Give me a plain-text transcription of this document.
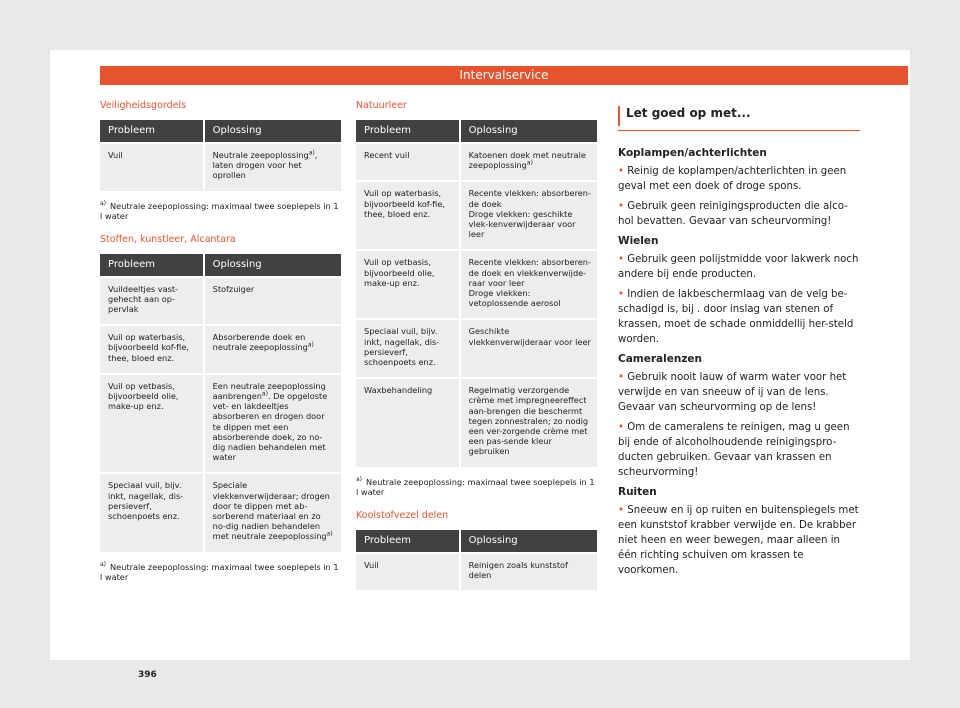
Intervalservice
Veiligheidsgordels
Probleem	Oplossing
Vuil	Neutrale zeepoplossing$^{a)}$, laten drogen voor het oprollen
$^{a)}$ Neutrale zeepoplossing: maximaal twee soeplepels in 1 l water
Stoffen, kunstleer, Alcantara
Probleem	Oplossing
Vuildeeltjes vast-gehecht aan op-pervlak	Stofzuiger
Vuil op waterbasis, bijvoorbeeld kof-fie, thee, bloed enz.	Absorberende doek en neutrale zeepoplossing$^{a)}$
Vuil op vetbasis, bijvoorbeeld olie, make-up enz.	Een neutrale zeepoplossing aanbrengen$^{a)}$. De opgeloste vet- en lakdeeltjes absorberen en drogen door te dippen met een absorberende doek, zo no-dig nadien behandelen met water
Speciaal vuil, bijv. inkt, nagellak, dis-persieverf, schoenpoets enz.	Speciale vlekkenverwijderaar; drogen door te dippen met ab-sorberend materiaal en zo no-dig nadien behandelen met neutrale zeepoplossing$^{a)}$
$^{a)}$ Neutrale zeepoplossing: maximaal twee soeplepels in 1 l water
Natuurleer
Probleem	Oplossing
Recent vuil	Katoenen doek met neutrale zeepoplossing$^{a)}$
Vuil op waterbasis, bijvoorbeeld kof-fie, thee, bloed enz.	Recente vlekken: absorberen-de doek
Droge vlekken: geschikte vlek-kenverwijderaar voor leer
Vuil op vetbasis, bijvoorbeeld olie, make-up enz.	Recente vlekken: absorberen-de doek en vlekkenverwijde-raar voor leer
Droge vlekken: vetoplossende aerosol
Speciaal vuil, bijv. inkt, nagellak, dis-persieverf, schoenpoets enz.	Geschikte vlekkenverwijderaar voor leer
Waxbehandeling	Regelmatig verzorgende crème met impregneereffect aan-brengen die beschermt tegen zonnestralen; zo nodig een ver-zorgende crème met een pas-sende kleur gebruiken
$^{a)}$ Neutrale zeepoplossing: maximaal twee soeplepels in 1 l water
Koolstofvezel delen
Probleem	Oplossing
Vuil	Reinigen zoals kunststof delen
Let goed op met...
Koplampen/achterlichten
• Reinig de koplampen/achterlichten in geen geval met een doek of droge spons.
• Gebruik geen reinigingsproducten die alco-hol bevatten. Gevaar van scheurvorming!
Wielen
• Gebruik geen polijstmidde voor lakwerk noch andere bij ende producten.
• Indien de lakbeschermlaag van de velg be-schadigd is, bij . door inslag van stenen of krassen, moet de schade onmiddellij her-steld worden.
Cameralenzen
• Gebruik nooit lauw of warm water voor het verwijde en van sneeuw of ij van de lens. Gevaar van scheurvorming op de lens!
• Om de cameralens te reinigen, mag u geen bij ende of alcoholhoudende reinigingspro-ducten gebruiken. Gevaar van krassen en scheurvorming!
Ruiten
• Sneeuw en ij op ruiten en buitenspiegels met een kunststof krabber verwijde en. De krabber niet heen en weer bewegen, maar alleen in één richting schuiven om krassen te voorkomen.
396
